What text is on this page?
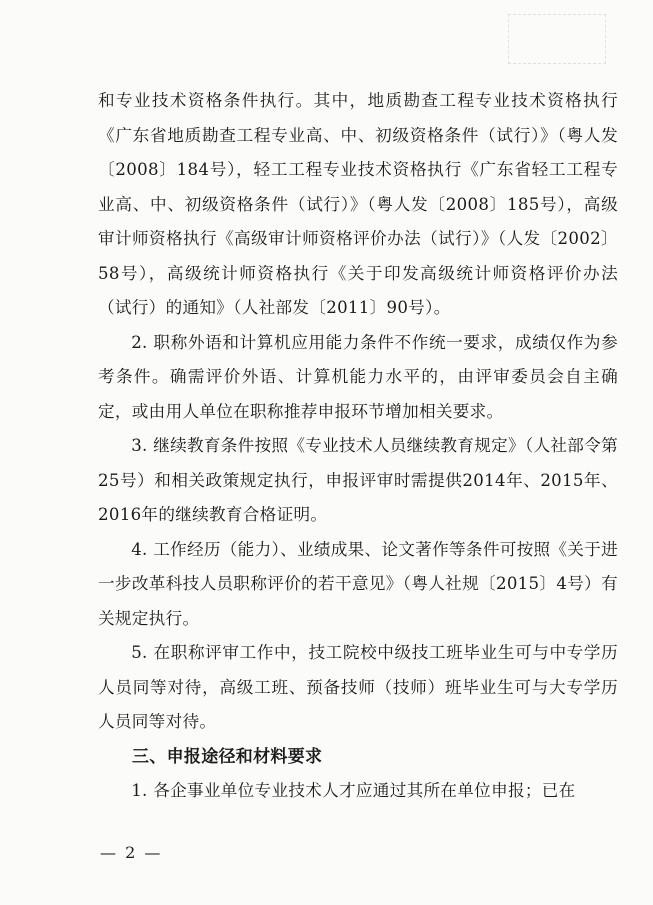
和专业技术资格条件执行。其中，地质勘查工程专业技术资格执行《广东省地质勘查工程专业高、中、初级资格条件（试行）》（粤人发〔2008〕184号），轻工工程专业技术资格执行《广东省轻工工程专业高、中、初级资格条件（试行）》（粤人发〔2008〕185号），高级审计师资格执行《高级审计师资格评价办法（试行）》（人发〔2002〕58号），高级统计师资格执行《关于印发高级统计师资格评价办法（试行）的通知》（人社部发〔2011〕90号）。

2. 职称外语和计算机应用能力条件不作统一要求，成绩仅作为参考条件。确需评价外语、计算机能力水平的，由评审委员会自主确定，或由用人单位在职称推荐申报环节增加相关要求。

3. 继续教育条件按照《专业技术人员继续教育规定》（人社部令第25号）和相关政策规定执行，申报评审时需提供2014年、2015年、2016年的继续教育合格证明。

4. 工作经历（能力）、业绩成果、论文著作等条件可按照《关于进一步改革科技人员职称评价的若干意见》（粤人社规〔2015〕4号）有关规定执行。

5. 在职称评审工作中，技工院校中级技工班毕业生可与中专学历人员同等对待，高级工班、预备技师（技师）班毕业生可与大专学历人员同等对待。

三、申报途径和材料要求

1. 各企事业单位专业技术人才应通过其所在单位申报；已在

— 2 —
